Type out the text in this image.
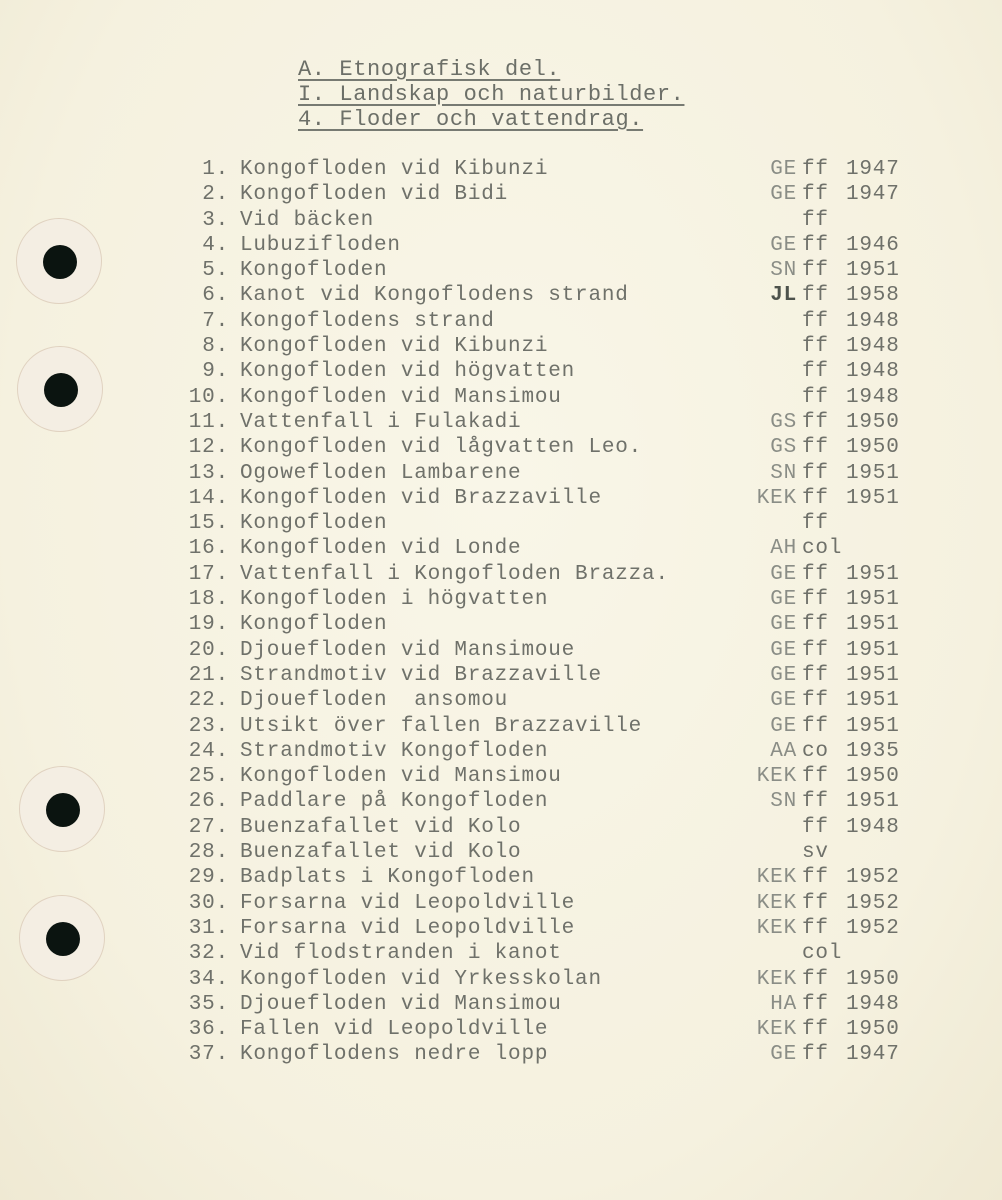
A. Etnografisk del.
I. Landskap och naturbilder.
4. Floder och vattendrag.
1. Kongofloden vid Kibunzi	GE ff 1947
2. Kongofloden vid Bidi	GE ff 1947
3. Vid bäcken	ff
4. Lubuzifloden	GE ff 1946
5. Kongofloden	SN ff 1951
6. Kanot vid Kongoflodens strand	JL ff 1958
7. Kongoflodens strand	ff 1948
8. Kongofloden vid Kibunzi	ff 1948
9. Kongofloden vid högvatten	ff 1948
10. Kongofloden vid Mansimou	ff 1948
11. Vattenfall i Fulakadi	GS ff 1950
12. Kongofloden vid lågvatten Leo.	GS ff 1950
13. Ogowefloden Lambarene	SN ff 1951
14. Kongofloden vid Brazzaville	KEK ff 1951
15. Kongofloden	ff
16. Kongofloden vid Londe	AH col
17. Vattenfall i Kongofloden Brazza.	GE ff 1951
18. Kongofloden i högvatten	GE ff 1951
19. Kongofloden	GE ff 1951
20. Djouefloden vid Mansimoue	GE ff 1951
21. Strandmotiv vid Brazzaville	GE ff 1951
22. Djouefloden  ansomou	GE ff 1951
23. Utsikt över fallen Brazzaville	GE ff 1951
24. Strandmotiv Kongofloden	AA co 1935
25. Kongofloden vid Mansimou	KEK ff 1950
26. Paddlare på Kongofloden	SN ff 1951
27. Buenzafallet vid Kolo	ff 1948
28. Buenzafallet vid Kolo	sv
29. Badplats i Kongofloden	KEK ff 1952
30. Forsarna vid Leopoldville	KEK ff 1952
31. Forsarna vid Leopoldville	KEK ff 1952
32. Vid flodstranden i kanot	col
34. Kongofloden vid Yrkesskolan	KEK ff 1950
35. Djouefloden vid Mansimou	HA ff 1948
36. Fallen vid Leopoldville	KEK ff 1950
37. Kongoflodens nedre lopp	GE ff 1947
